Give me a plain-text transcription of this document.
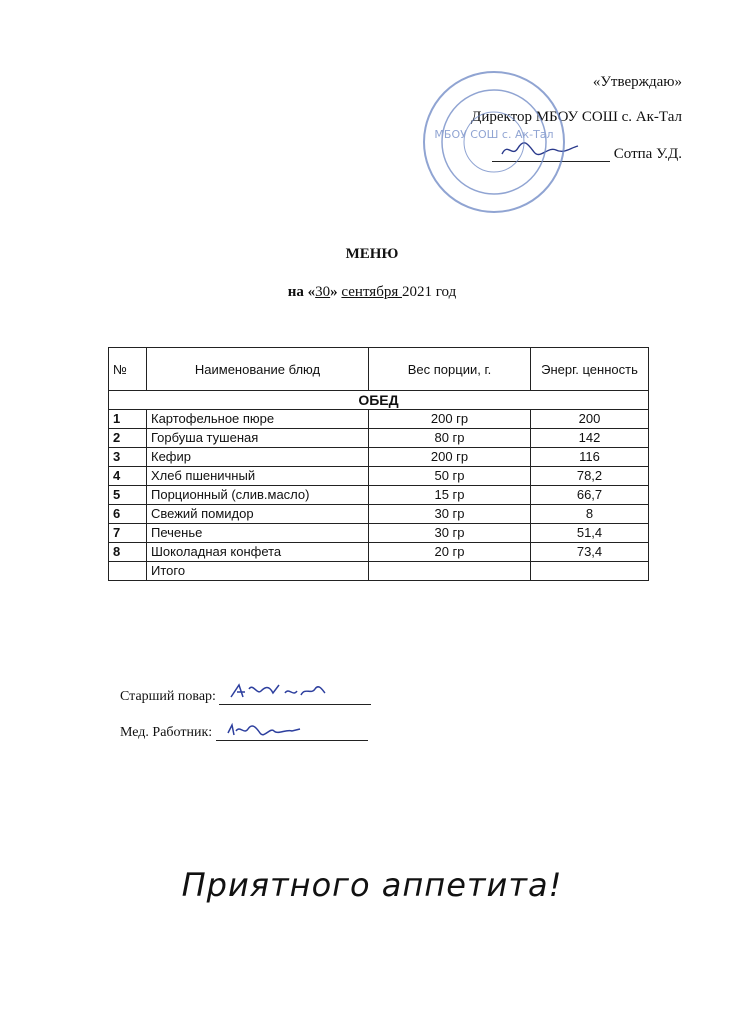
«Утверждаю»
Директор МБОУ СОШ с. Ак-Тал
Сотпа У.Д.
МБОУ СОШ с. Ак-Тал
МЕНЮ
на «30» сентября 2021 год
№	Наименование блюд	Вес порции, г.	Энерг. ценность
ОБЕД			
1	Картофельное пюре	200 гр	200
2	Горбуша тушеная	80 гр	142
3	Кефир	200 гр	116
4	Хлеб пшеничный	50 гр	78,2
5	Порционный (слив.масло)	15 гр	66,7
6	Свежий помидор	30 гр	8
7	Печенье	30 гр	51,4
8	Шоколадная конфета	20 гр	73,4
	Итого		
Старший повар:
Мед. Работник:
Приятного аппетита!
